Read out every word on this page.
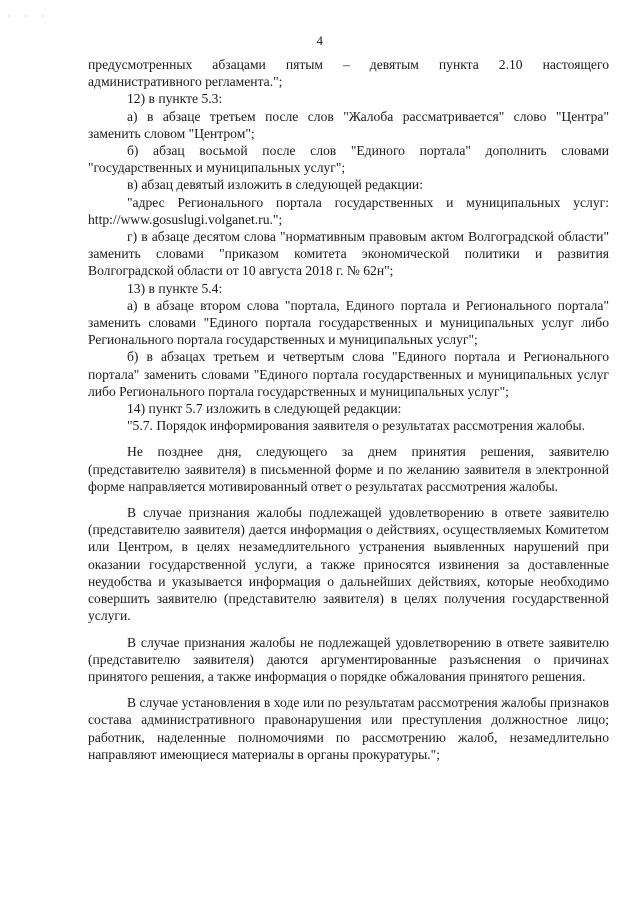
· · ·
4

предусмотренных абзацами пятым – девятым пункта 2.10 настоящего административного регламента.";

12) в пункте 5.3:

а) в абзаце третьем после слов "Жалоба рассматривается" слово "Центра" заменить словом "Центром";

б) абзац восьмой после слов "Единого портала" дополнить словами "государственных и муниципальных услуг";

в) абзац девятый изложить в следующей редакции:

"адрес Регионального портала государственных и муниципальных услуг: http://www.gosuslugi.volganet.ru.";

г) в абзаце десятом слова "нормативным правовым актом Волгоградской области" заменить словами "приказом комитета экономической политики и развития Волгоградской области от 10 августа 2018 г. № 62н";

13) в пункте 5.4:

а) в абзаце втором слова "портала, Единого портала и Регионального портала" заменить словами "Единого портала государственных и муниципальных услуг либо Регионального портала государственных и муниципальных услуг";

б) в абзацах третьем и четвертым слова "Единого портала и Регионального портала" заменить словами "Единого портала государственных и муниципальных услуг либо Регионального портала государственных и муниципальных услуг";

14) пункт 5.7 изложить в следующей редакции:

"5.7. Порядок информирования заявителя о результатах рассмотрения жалобы.

Не позднее дня, следующего за днем принятия решения, заявителю (представителю заявителя) в письменной форме и по желанию заявителя в электронной форме направляется мотивированный ответ о результатах рассмотрения жалобы.

В случае признания жалобы подлежащей удовлетворению в ответе заявителю (представителю заявителя) дается информация о действиях, осуществляемых Комитетом или Центром, в целях незамедлительного устранения выявленных нарушений при оказании государственной услуги, а также приносятся извинения за доставленные неудобства и указывается информация о дальнейших действиях, которые необходимо совершить заявителю (представителю заявителя) в целях получения государственной услуги.

В случае признания жалобы не подлежащей удовлетворению в ответе заявителю (представителю заявителя) даются аргументированные разъяснения о причинах принятого решения, а также информация о порядке обжалования принятого решения.

В случае установления в ходе или по результатам рассмотрения жалобы признаков состава административного правонарушения или преступления должностное лицо; работник, наделенные полномочиями по рассмотрению жалоб, незамедлительно направляют имеющиеся материалы в органы прокуратуры.";
